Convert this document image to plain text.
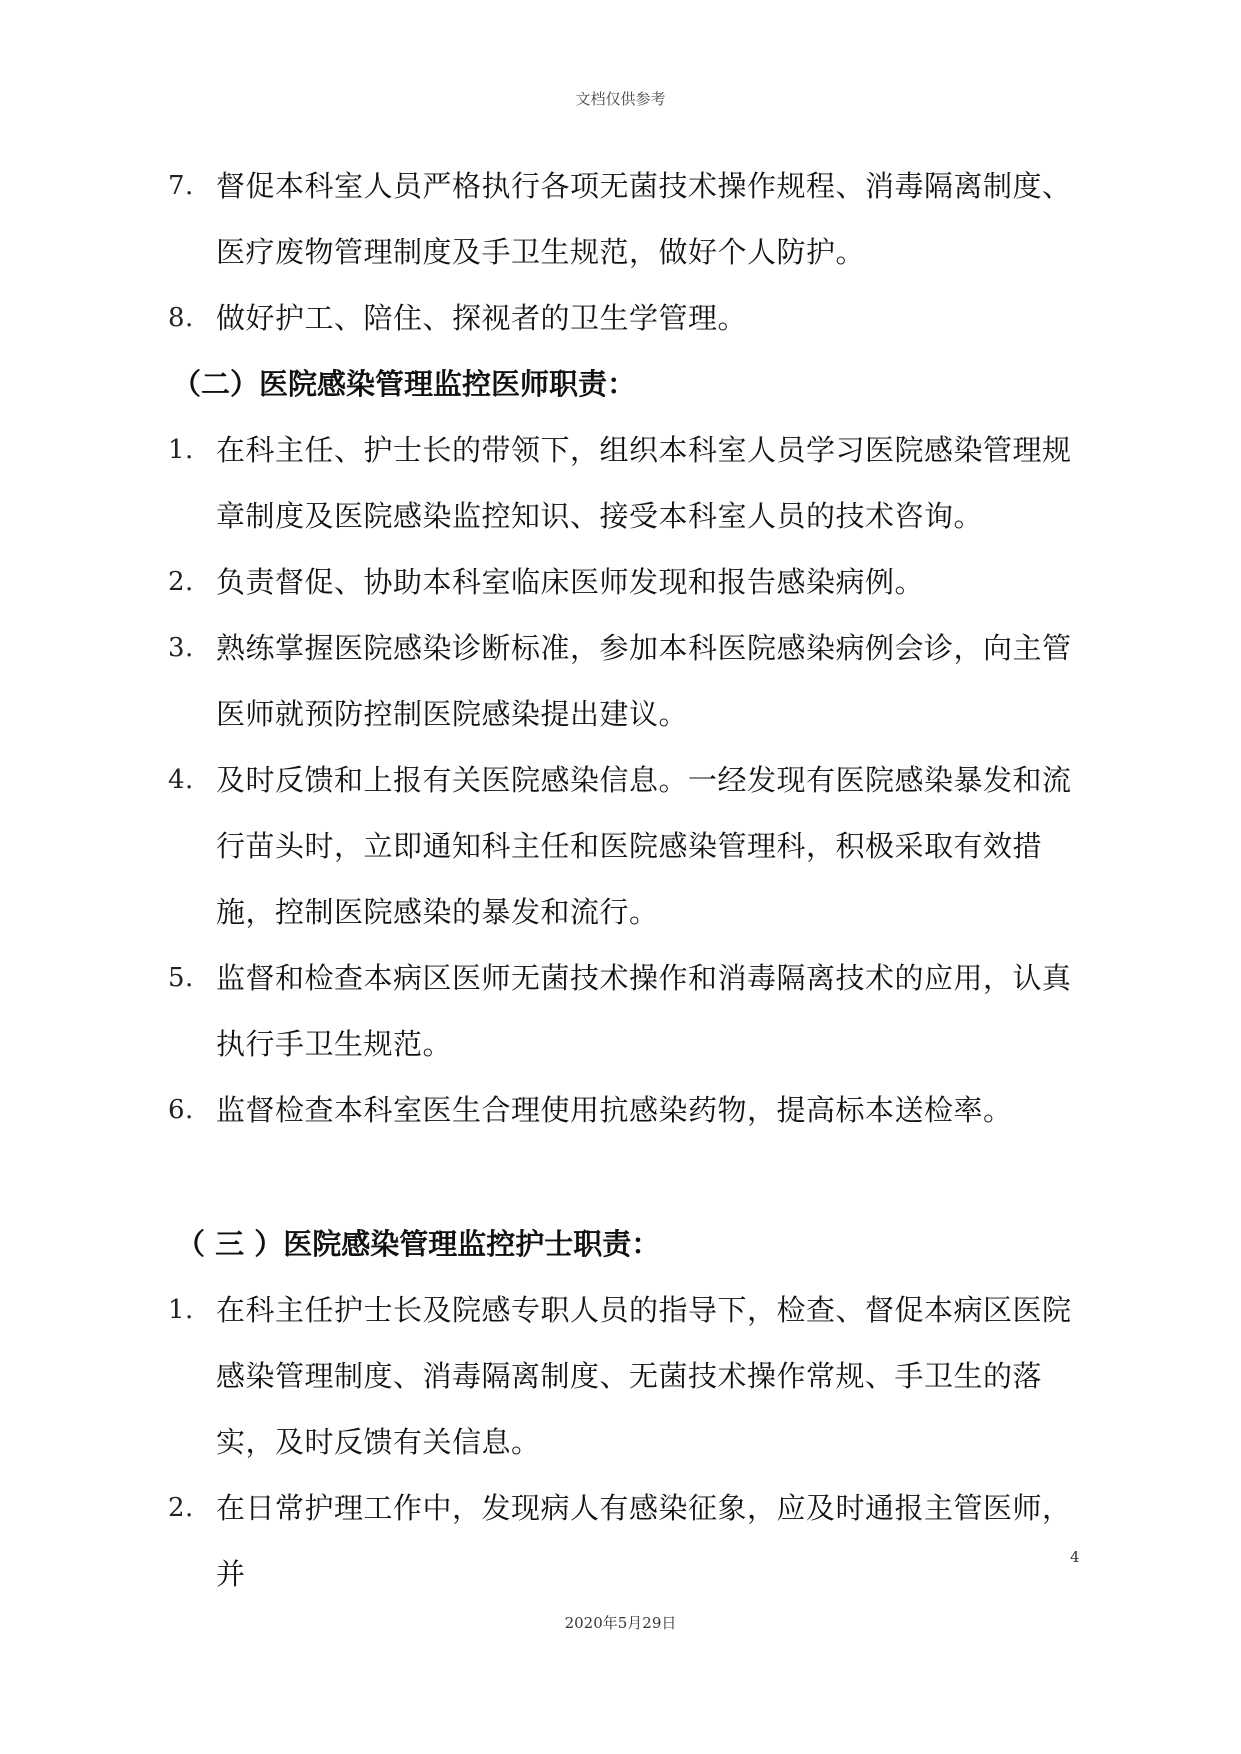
文档仅供参考
7. 督促本科室人员严格执行各项无菌技术操作规程、消毒隔离制度、医疗废物管理制度及手卫生规范，做好个人防护。
8. 做好护工、陪住、探视者的卫生学管理。
（二）医院感染管理监控医师职责：
1. 在科主任、护士长的带领下，组织本科室人员学习医院感染管理规章制度及医院感染监控知识、接受本科室人员的技术咨询。
2. 负责督促、协助本科室临床医师发现和报告感染病例。
3. 熟练掌握医院感染诊断标准，参加本科医院感染病例会诊，向主管医师就预防控制医院感染提出建议。
4. 及时反馈和上报有关医院感染信息。一经发现有医院感染暴发和流行苗头时，立即通知科主任和医院感染管理科，积极采取有效措施，控制医院感染的暴发和流行。
5. 监督和检查本病区医师无菌技术操作和消毒隔离技术的应用，认真执行手卫生规范。
6. 监督检查本科室医生合理使用抗感染药物，提高标本送检率。
（ 三 ）医院感染管理监控护士职责：
1. 在科主任护士长及院感专职人员的指导下，检查、督促本病区医院感染管理制度、消毒隔离制度、无菌技术操作常规、手卫生的落实，及时反馈有关信息。
2. 在日常护理工作中，发现病人有感染征象，应及时通报主管医师，并	4
2020年5月29日
